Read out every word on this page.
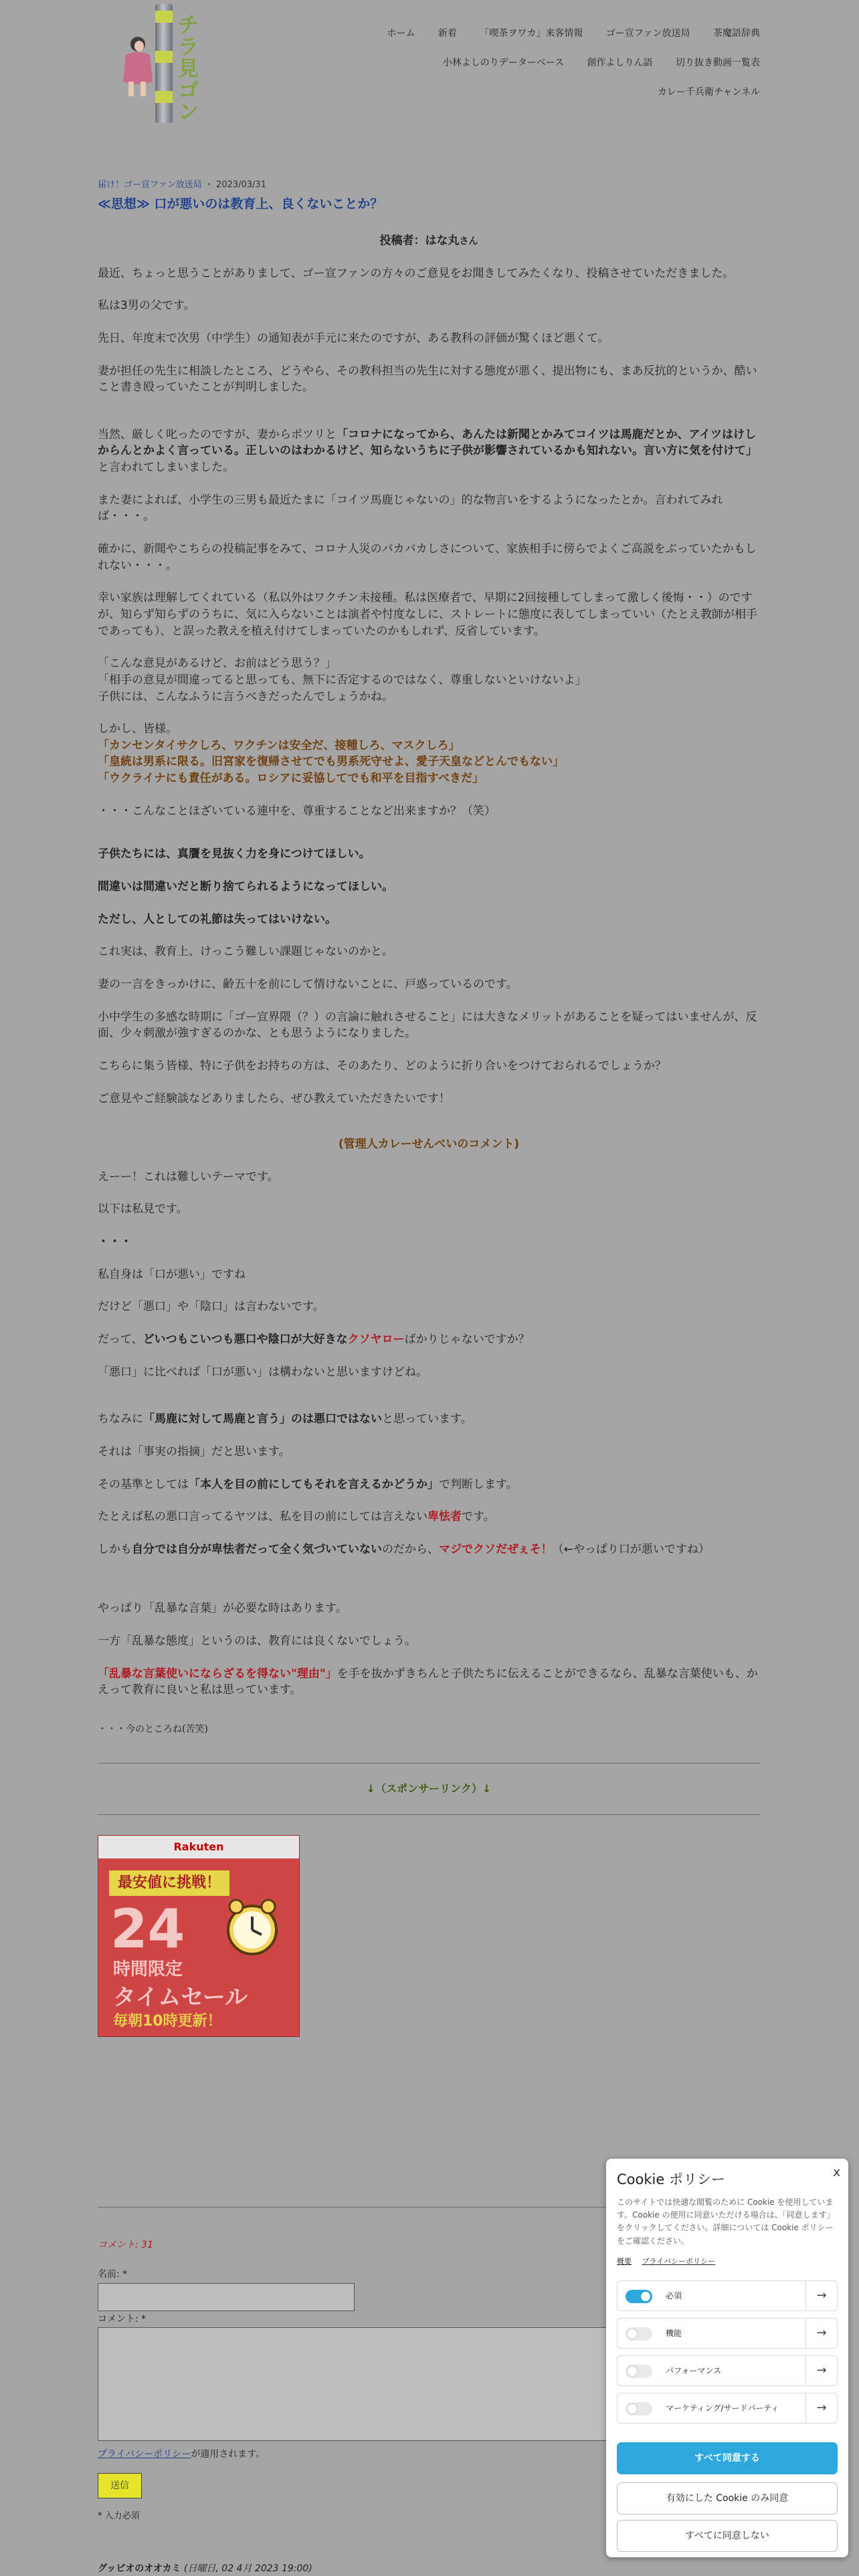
チラ見ゴン
ホーム 新着 「喫茶ヲワカ」来客情報 ゴー宣ファン放送局 茶魔語辞典
小林よしのりデーターベース 創作よしりん語 切り抜き動画一覧表
カレー千兵衛チャンネル
届け！ゴー宣ファン放送局 ・ 2023/03/31
≪思想≫ 口が悪いのは教育上、良くないことか？

投稿者：はな丸さん

最近、ちょっと思うことがありまして、ゴー宣ファンの方々のご意見をお聞きしてみたくなり、投稿させていただきました。

私は3男の父です。

先日、年度末で次男（中学生）の通知表が手元に来たのですが、ある教科の評価が驚くほど悪くて。

妻が担任の先生に相談したところ、どうやら、その教科担当の先生に対する態度が悪く、提出物にも、まあ反抗的というか、酷いこと書き殴っていたことが判明しました。

当然、厳しく叱ったのですが、妻からポツリと「コロナになってから、あんたは新聞とかみてコイツは馬鹿だとか、アイツはけしからんとかよく言っている。正しいのはわかるけど、知らないうちに子供が影響されているかも知れない。言い方に気を付けて」と言われてしまいました。

また妻によれば、小学生の三男も最近たまに「コイツ馬鹿じゃないの」的な物言いをするようになったとか。言われてみれば・・・。

確かに、新聞やこちらの投稿記事をみて、コロナ人災のバカバカしさについて、家族相手に傍らでよくご高説をぶっていたかもしれない・・・。

幸い家族は理解してくれている（私以外はワクチン未接種。私は医療者で、早期に2回接種してしまって激しく後悔・・）のですが、知らず知らずのうちに、気に入らないことは演者や忖度なしに、ストレートに態度に表してしまっていい（たとえ教師が相手であっても）、と誤った教えを植え付けてしまっていたのかもしれず、反省しています。

「こんな意見があるけど、お前はどう思う？」
「相手の意見が間違ってると思っても、無下に否定するのではなく、尊重しないといけないよ」
子供には、こんなふうに言うべきだったんでしょうかね。

しかし、皆様。
「カンセンタイサクしろ、ワクチンは安全だ、接種しろ、マスクしろ」
「皇統は男系に限る。旧宮家を復帰させてでも男系死守せよ、愛子天皇などとんでもない」
「ウクライナにも責任がある。ロシアに妥協してでも和平を目指すべきだ」

・・・こんなことほざいている連中を、尊重することなど出来ますか？（笑）

子供たちには、真贋を見抜く力を身につけてほしい。

間違いは間違いだと断り捨てられるようになってほしい。

ただし、人としての礼節は失ってはいけない。

これ実は、教育上、けっこう難しい課題じゃないのかと。

妻の一言をきっかけに、齢五十を前にして情けないことに、戸惑っているのです。

小中学生の多感な時期に「ゴー宣界隈（？）の言論に触れさせること」には大きなメリットがあることを疑ってはいませんが、反面、少々刺激が強すぎるのかな、とも思うようになりました。

こちらに集う皆様、特に子供をお持ちの方は、そのあたり、どのように折り合いをつけておられるでしょうか？

ご意見やご経験談などありましたら、ぜひ教えていただきたいです！

(管理人カレーせんべいのコメント)

えーー！これは難しいテーマです。

以下は私見です。

・・・

私自身は「口が悪い」ですね

だけど「悪口」や「陰口」は言わないです。

だって、どいつもこいつも悪口や陰口が大好きなクソヤローばかりじゃないですか？

「悪口」に比べれば「口が悪い」は構わないと思いますけどね。

ちなみに「馬鹿に対して馬鹿と言う」のは悪口ではないと思っています。

それは「事実の指摘」だと思います。

その基準としては「本人を目の前にしてもそれを言えるかどうか」で判断します。

たとえば私の悪口言ってるヤツは、私を目の前にしては言えない卑怯者です。

しかも自分では自分が卑怯者だって全く気づいていないのだから、マジでクソだぜぇそ！（←やっぱり口が悪いですね）

やっぱり「乱暴な言葉」が必要な時はあります。

一方「乱暴な態度」というのは、教育には良くないでしょう。

「乱暴な言葉使いにならざるを得ない"理由"」を手を抜かずきちんと子供たちに伝えることができるなら、乱暴な言葉使いも、かえって教育に良いと私は思っています。

・・・今のところね(苦笑)

↓（スポンサーリンク）↓
Rakuten
最安値に挑戦！
24
時間限定
タイムセール
毎朝10時更新！
コメント: 31
名前: *
コメント: *
プライバシーポリシーが適用されます。
送信
* 入力必須
グッピオのオオカミ (日曜日, 02 4月 2023 19:00)
x
Cookie ポリシー
このサイトでは快適な閲覧のために Cookie を使用しています。Cookie の使用に同意いただける場合は、「同意します」をクリックしてください。詳細については Cookie ポリシーをご確認ください。
概要 プライバシーポリシー
必須	→
機能	→
パフォーマンス	→
マーケティング/サードパーティ	→
すべて同意する
有効にした Cookie のみ同意
すべてに同意しない
